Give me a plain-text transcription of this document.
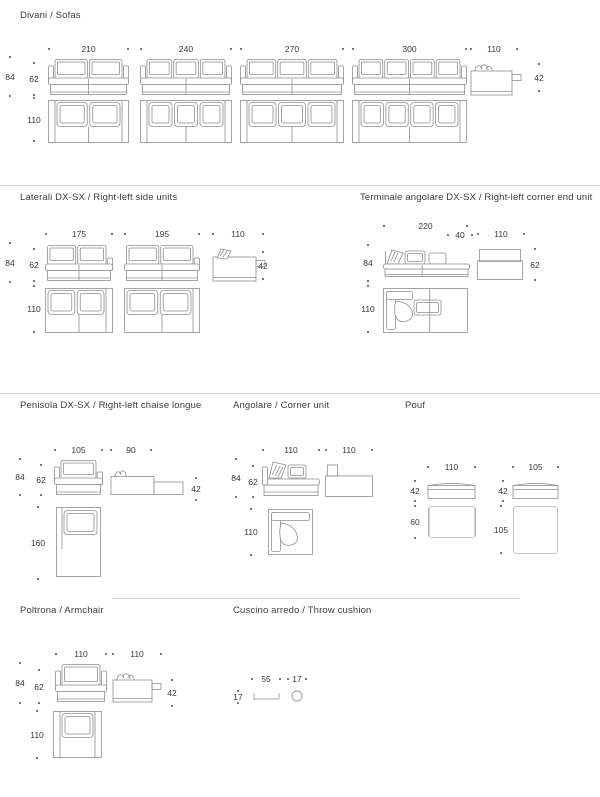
Divani / Sofas
210	240	270	300	110
84 62
110
42
Laterali DX-SX / Right-left side units	Terminale angolare DX-SX / Right-left corner end unit
175	195	110
84 62	42
110
220
40	110
84	62
110
Penisola DX-SX / Right-left chaise longue	Angolare / Corner unit	Pouf
105	90
84 62
42
160
110	110
84 62
110
110	105
42
60
42
105
Poltrona / Armchair	Cuscino arredo / Throw cushion
110	110
84 62
42
110
55	17
17
